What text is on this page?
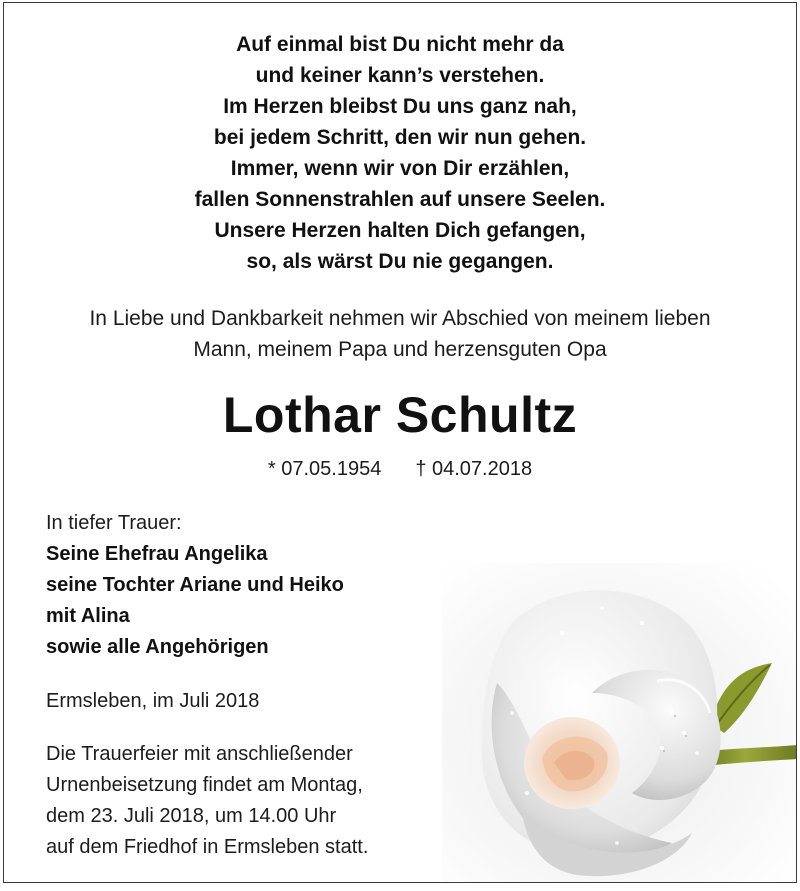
Auf einmal bist Du nicht mehr da
und keiner kann’s verstehen.
Im Herzen bleibst Du uns ganz nah,
bei jedem Schritt, den wir nun gehen.
Immer, wenn wir von Dir erzählen,
fallen Sonnenstrahlen auf unsere Seelen.
Unsere Herzen halten Dich gefangen,
so, als wärst Du nie gegangen.
In Liebe und Dankbarkeit nehmen wir Abschied von meinem lieben
Mann, meinem Papa und herzensguten Opa
Lothar Schultz
* 07.05.1954 † 04.07.2018
In tiefer Trauer:
Seine Ehefrau Angelika
seine Tochter Ariane und Heiko
mit Alina
sowie alle Angehörigen
Ermsleben, im Juli 2018
Die Trauerfeier mit anschließender
Urnenbeisetzung findet am Montag,
dem 23. Juli 2018, um 14.00 Uhr
auf dem Friedhof in Ermsleben statt.
